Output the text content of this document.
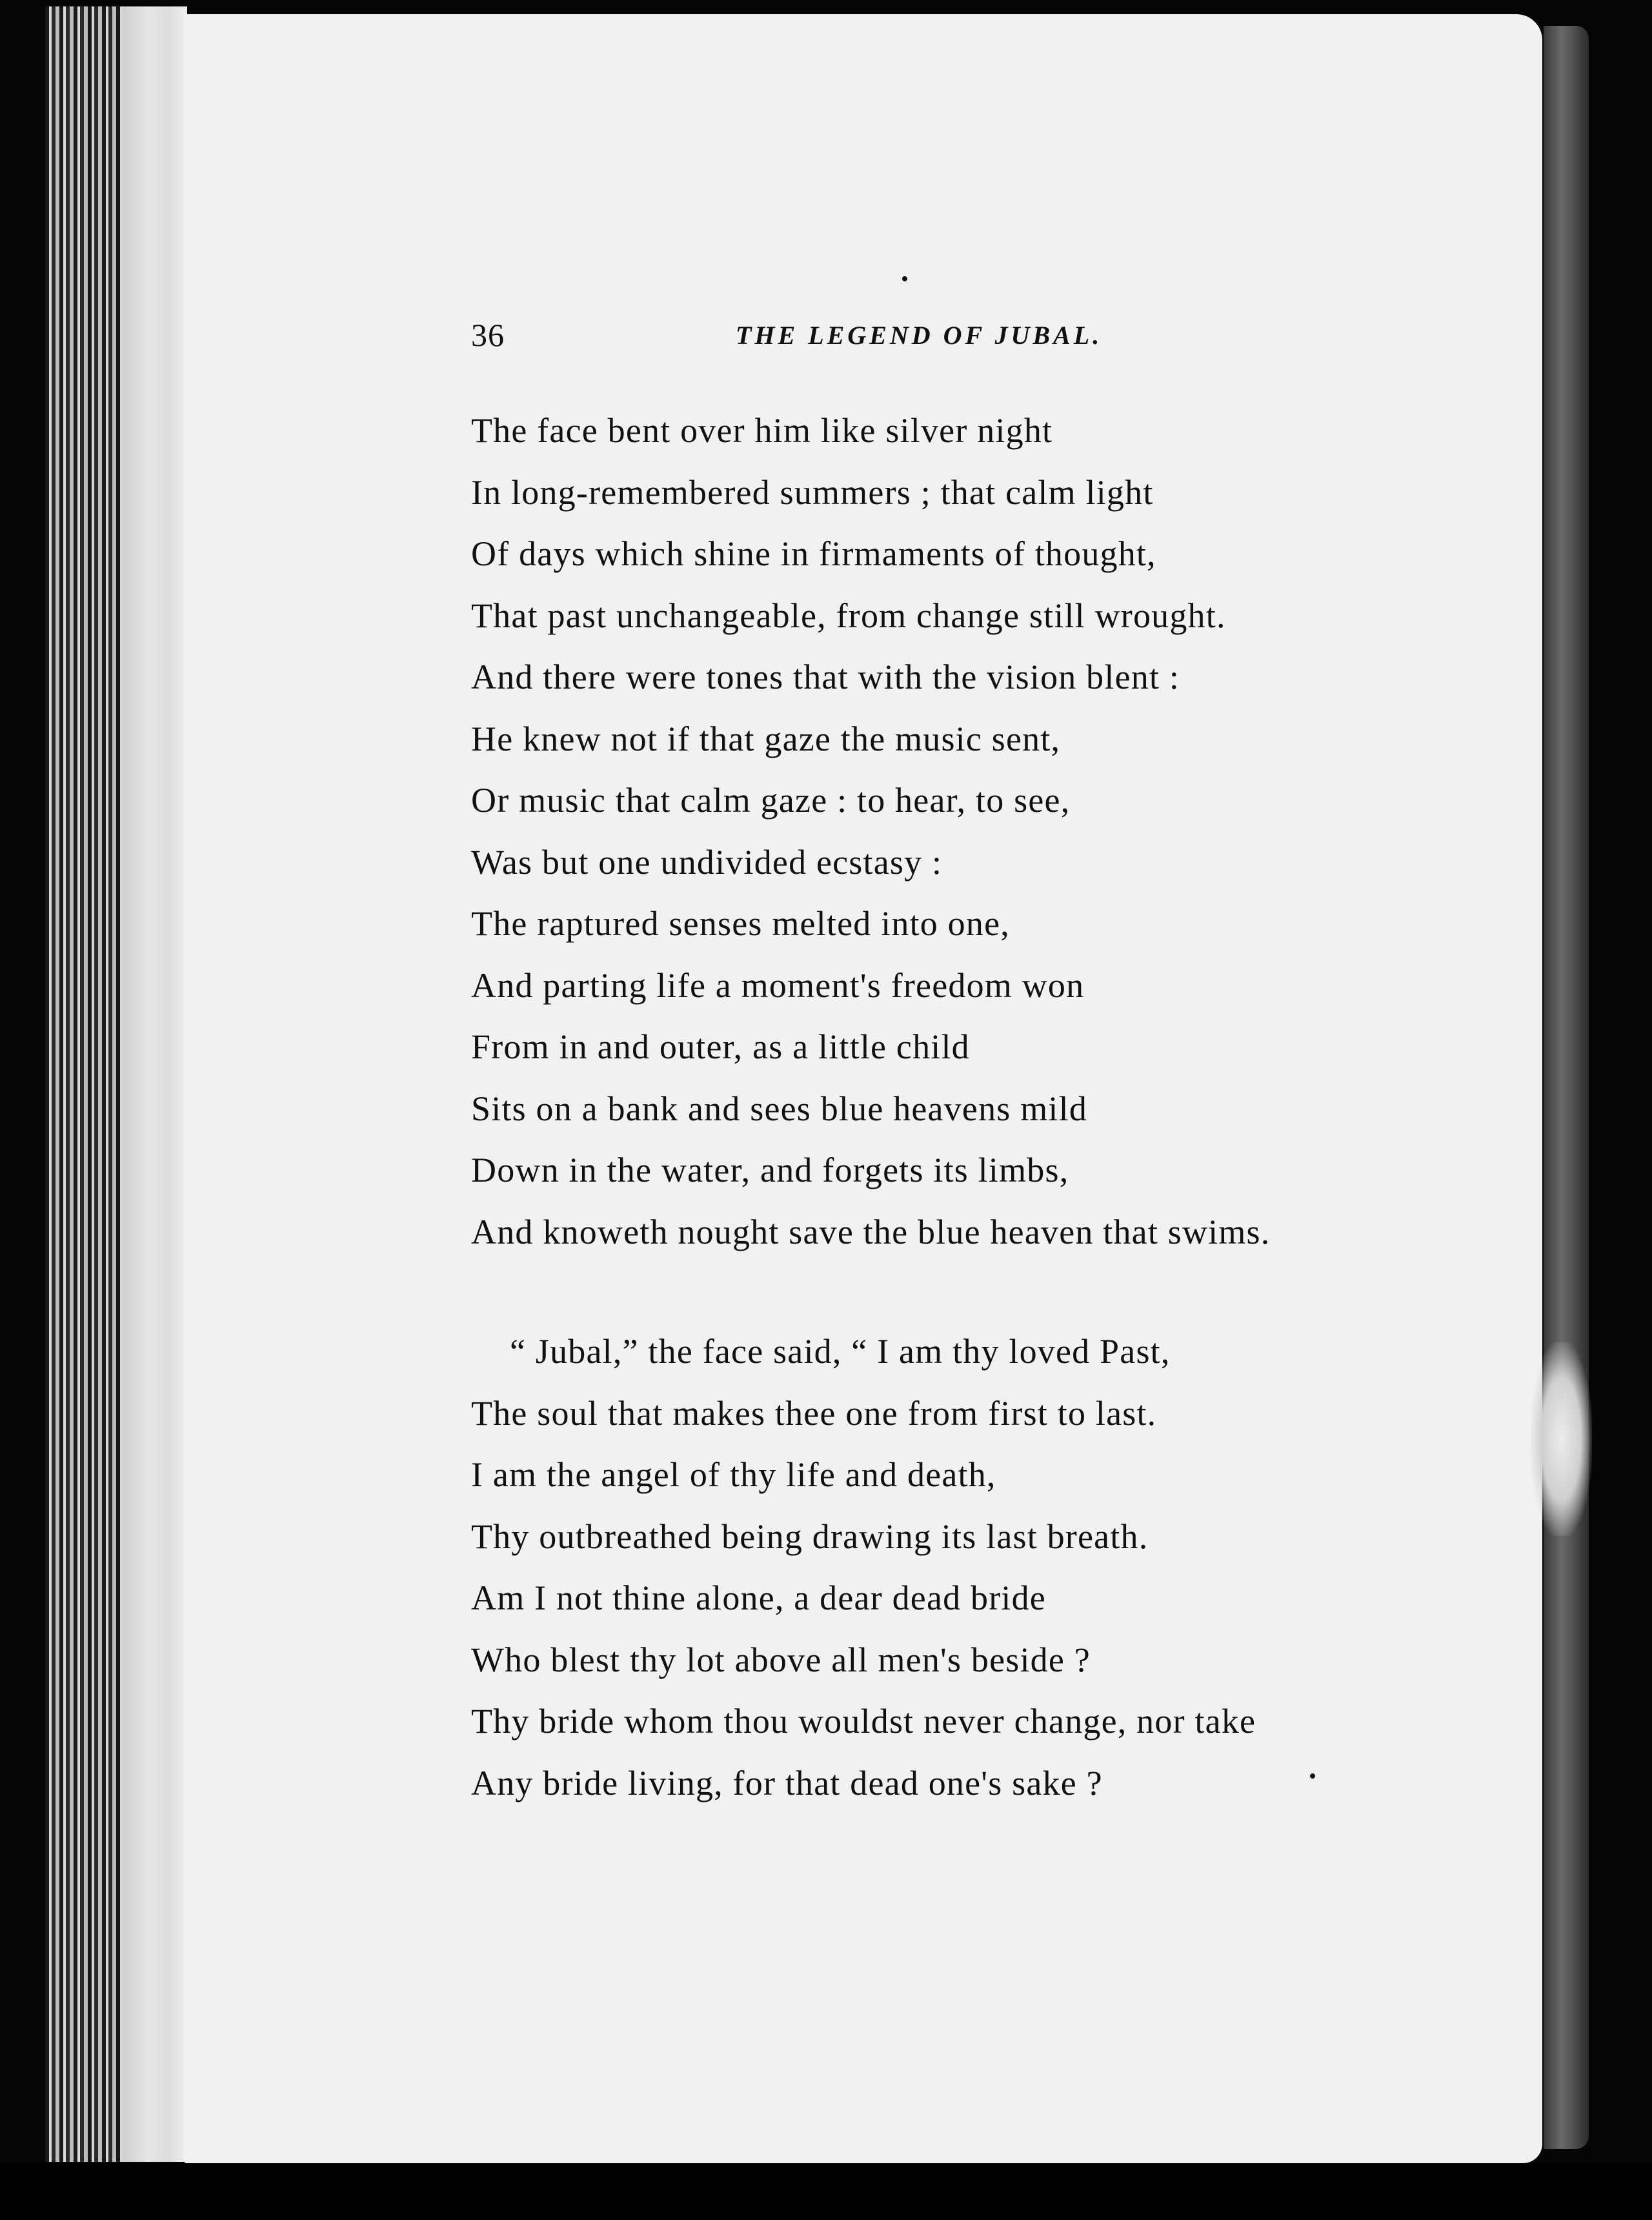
36	THE LEGEND OF JUBAL.
The face bent over him like silver night
In long-remembered summers ; that calm light
Of days which shine in firmaments of thought,
That past unchangeable, from change still wrought.
And there were tones that with the vision blent :
He knew not if that gaze the music sent,
Or music that calm gaze : to hear, to see,
Was but one undivided ecstasy :
The raptured senses melted into one,
And parting life a moment's freedom won
From in and outer, as a little child
Sits on a bank and sees blue heavens mild
Down in the water, and forgets its limbs,
And knoweth nought save the blue heaven that swims.
“ Jubal,” the face said, “ I am thy loved Past,
The soul that makes thee one from first to last.
I am the angel of thy life and death,
Thy outbreathed being drawing its last breath.
Am I not thine alone, a dear dead bride
Who blest thy lot above all men's beside ?
Thy bride whom thou wouldst never change, nor take
Any bride living, for that dead one's sake ?
